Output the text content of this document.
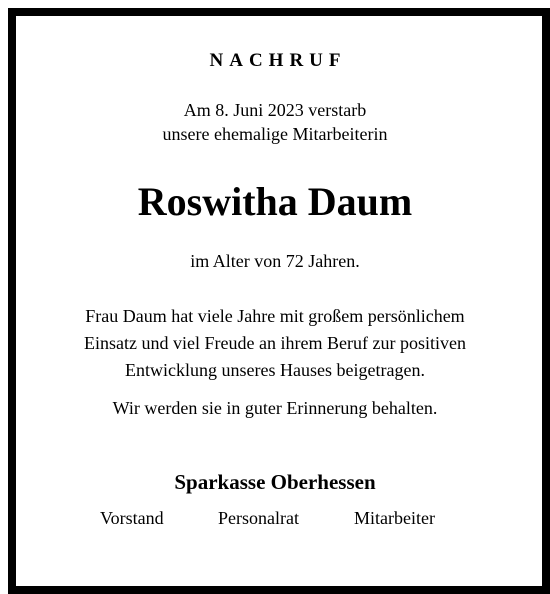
NACHRUF
Am 8. Juni 2023 verstarb
unsere ehemalige Mitarbeiterin
Roswitha Daum
im Alter von 72 Jahren.
Frau Daum hat viele Jahre mit großem persönlichem
Einsatz und viel Freude an ihrem Beruf zur positiven
Entwicklung unseres Hauses beigetragen.
Wir werden sie in guter Erinnerung behalten.
Sparkasse Oberhessen
Vorstand	Personalrat	Mitarbeiter
